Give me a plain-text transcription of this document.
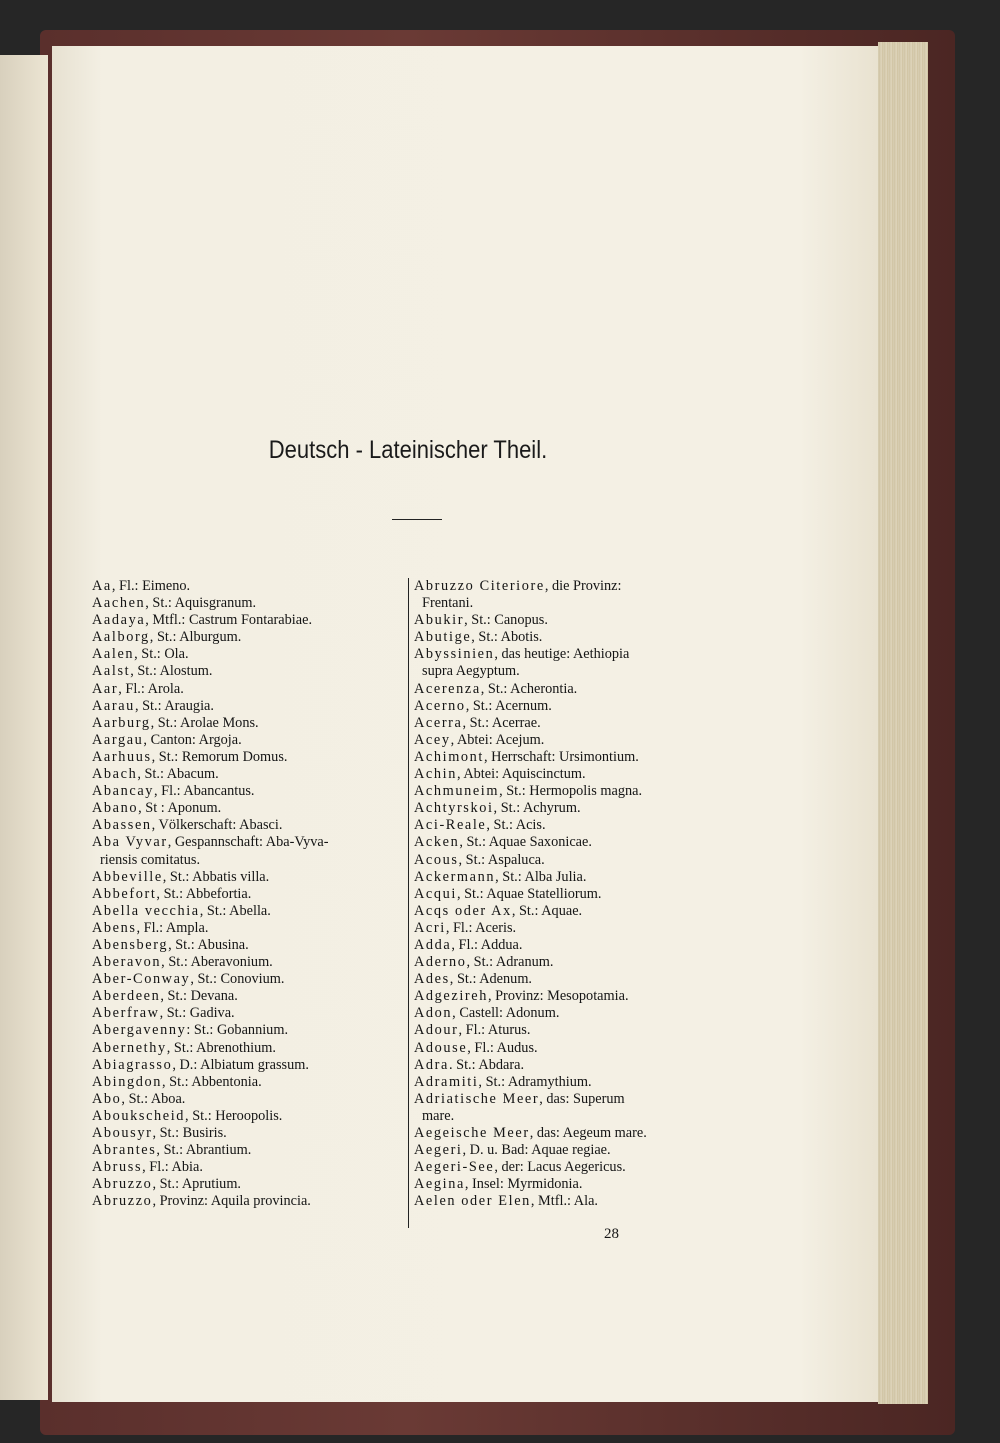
Deutsch - Lateinischer Theil.
Aa, Fl.: Eimeno.
Aachen, St.: Aquisgranum.
Aadaya, Mtfl.: Castrum Fontarabiae.
Aalborg, St.: Alburgum.
Aalen, St.: Ola.
Aalst, St.: Alostum.
Aar, Fl.: Arola.
Aarau, St.: Araugia.
Aarburg, St.: Arolae Mons.
Aargau, Canton: Argoja.
Aarhuus, St.: Remorum Domus.
Abach, St.: Abacum.
Abancay, Fl.: Abancantus.
Abano, St : Aponum.
Abassen, Völkerschaft: Abasci.
Aba Vyvar, Gespannschaft: Aba-Vyva-
riensis comitatus.
Abbeville, St.: Abbatis villa.
Abbefort, St.: Abbefortia.
Abella vecchia, St.: Abella.
Abens, Fl.: Ampla.
Abensberg, St.: Abusina.
Aberavon, St.: Aberavonium.
Aber-Conway, St.: Conovium.
Aberdeen, St.: Devana.
Aberfraw, St.: Gadiva.
Abergavenny: St.: Gobannium.
Abernethy, St.: Abrenothium.
Abiagrasso, D.: Albiatum grassum.
Abingdon, St.: Abbentonia.
Abo, St.: Aboa.
Aboukscheid, St.: Heroopolis.
Abousyr, St.: Busiris.
Abrantes, St.: Abrantium.
Abruss, Fl.: Abia.
Abruzzo, St.: Aprutium.
Abruzzo, Provinz: Aquila provincia.
Abruzzo Citeriore, die Provinz:
Frentani.
Abukir, St.: Canopus.
Abutige, St.: Abotis.
Abyssinien, das heutige: Aethiopia
supra Aegyptum.
Acerenza, St.: Acherontia.
Acerno, St.: Acernum.
Acerra, St.: Acerrae.
Acey, Abtei: Acejum.
Achimont, Herrschaft: Ursimontium.
Achin, Abtei: Aquiscinctum.
Achmuneim, St.: Hermopolis magna.
Achtyrskoi, St.: Achyrum.
Aci-Reale, St.: Acis.
Acken, St.: Aquae Saxonicae.
Acous, St.: Aspaluca.
Ackermann, St.: Alba Julia.
Acqui, St.: Aquae Statelliorum.
Acqs oder Ax, St.: Aquae.
Acri, Fl.: Aceris.
Adda, Fl.: Addua.
Aderno, St.: Adranum.
Ades, St.: Adenum.
Adgezireh, Provinz: Mesopotamia.
Adon, Castell: Adonum.
Adour, Fl.: Aturus.
Adouse, Fl.: Audus.
Adra. St.: Abdara.
Adramiti, St.: Adramythium.
Adriatische Meer, das: Superum
mare.
Aegeische Meer, das: Aegeum mare.
Aegeri, D. u. Bad: Aquae regiae.
Aegeri-See, der: Lacus Aegericus.
Aegina, Insel: Myrmidonia.
Aelen oder Elen, Mtfl.: Ala.
28
